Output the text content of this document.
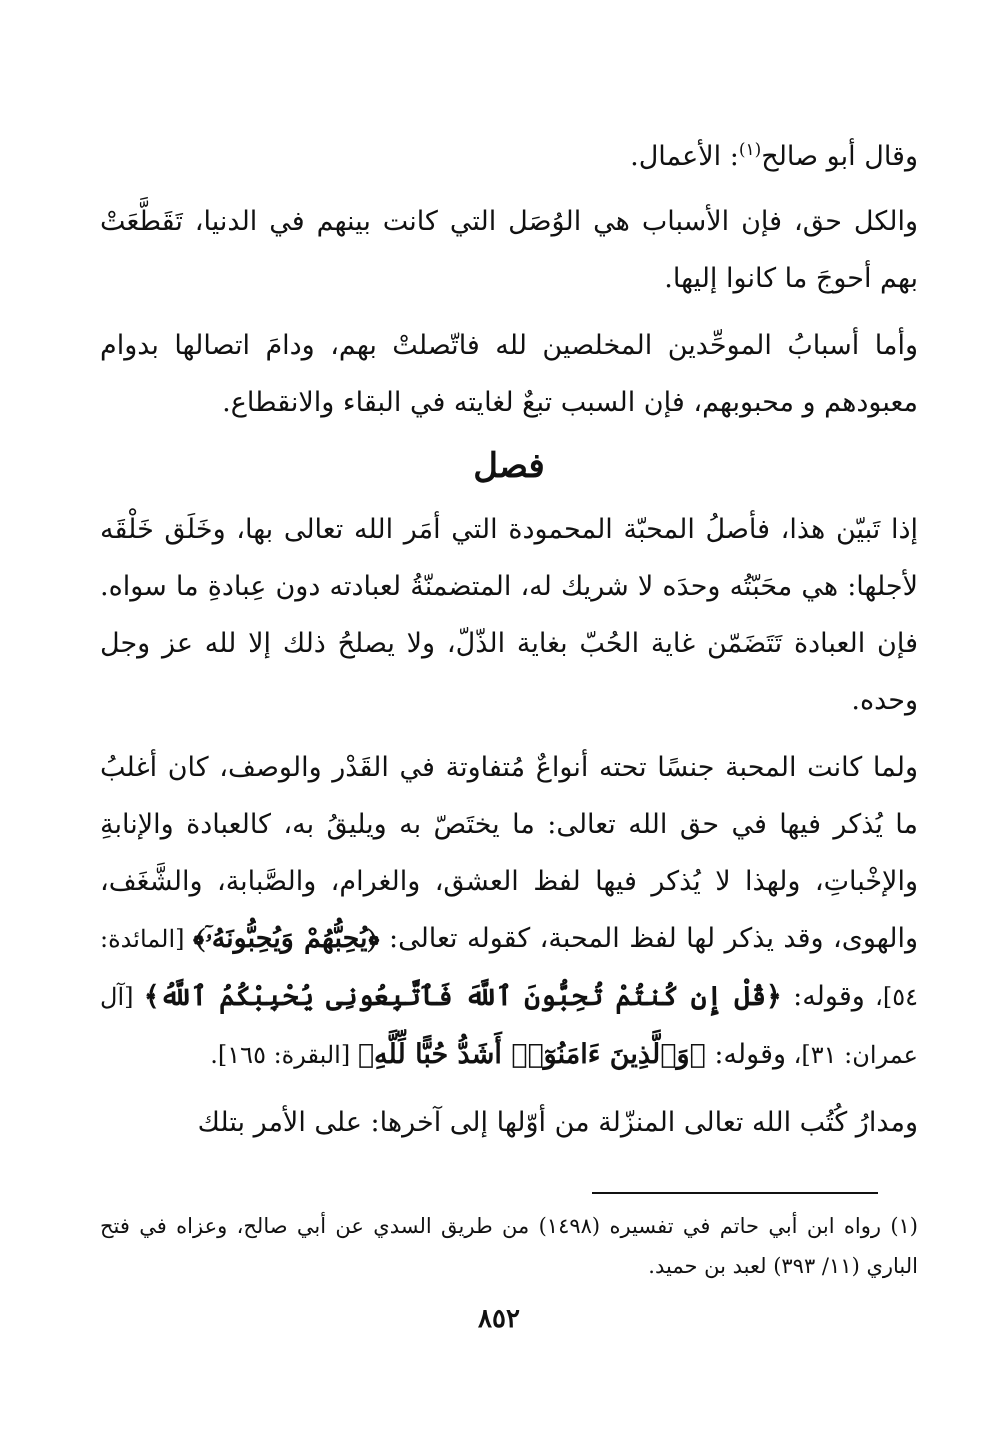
وقال أبو صالح$^{(١)}$: الأعمال.

والكل حق، فإن الأسباب هي الوُصَل التي كانت بينهم في الدنيا، تَقَطَّعَتْ بهم أحوجَ ما كانوا إليها.

وأما أسبابُ الموحِّدين المخلصين لله فاتّصلتْ بهم، ودامَ اتصالها بدوام معبودهم و محبوبهم، فإن السبب تبعٌ لغايته في البقاء والانقطاع.

فصل

إذا تَبيّن هذا، فأصلُ المحبّة المحمودة التي أمَر الله تعالى بها، وخَلَق خَلْقَه لأجلها: هي محَبّتُه وحدَه لا شريك له، المتضمنّةُ لعبادته دون عِبادةِ ما سواه. فإن العبادة تَتَضَمّن غاية الحُبّ بغاية الذّلّ، ولا يصلحُ ذلك إلا لله عز وجل وحده.

ولما كانت المحبة جنسًا تحته أنواعٌ مُتفاوتة في القَدْر والوصف، كان أغلبُ ما يُذكر فيها في حق الله تعالى: ما يختَصّ به ويليقُ به، كالعبادة والإنابةِ والإخْباتِ، ولهذا لا يُذكر فيها لفظ العشق، والغرام، والصَّبابة، والشَّغَف، والهوى، وقد يذكر لها لفظ المحبة، كقوله تعالى: ﴿يُحِبُّهُمْ وَيُحِبُّونَهُۥٓ﴾ [المائدة: ٥٤]، وقوله: ﴿قُلْ إِن كُنتُمْ تُحِبُّونَ ٱللَّهَ فَٱتَّبِعُونِى يُحْبِبْكُمُ ٱللَّهُ﴾ [آل عمران: ٣١]، وقوله: ﴿وَٱلَّذِينَ ءَامَنُوٓا۟ أَشَدُّ حُبًّا لِّلَّهِ﴾ [البقرة: ١٦٥].

ومدارُ كُتُب الله تعالى المنزّلة من أوّلها إلى آخرها: على الأمر بتلك

(١) رواه ابن أبي حاتم في تفسيره (١٤٩٨) من طريق السدي عن أبي صالح، وعزاه في فتح الباري (١١/ ٣٩٣) لعبد بن حميد.
٨٥٢
